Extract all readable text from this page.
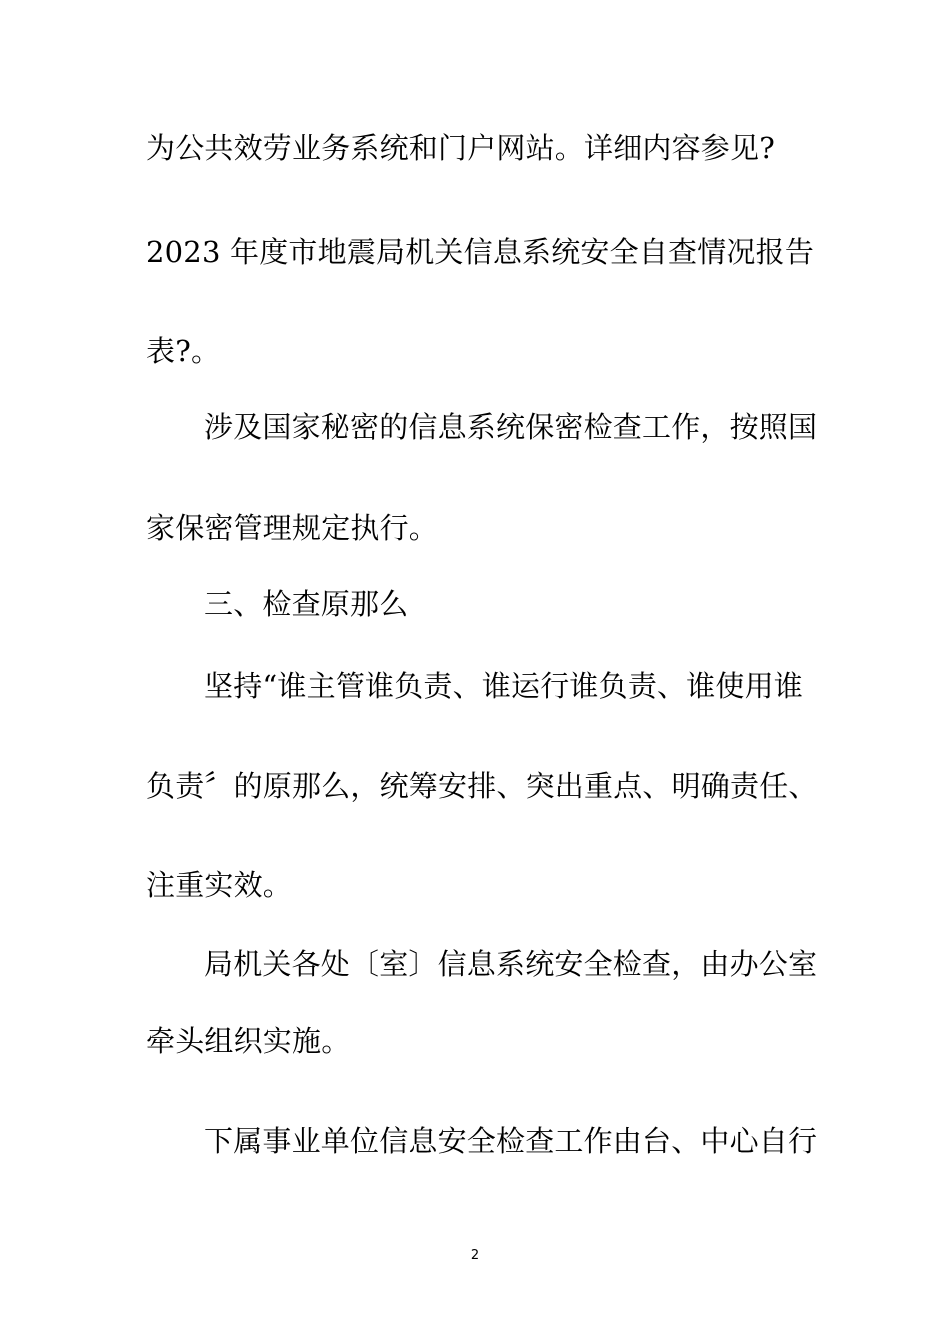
为公共效劳业务系统和门户网站。详细内容参见?
2023 年度市地震局机关信息系统安全自查情况报告
表?。
涉及国家秘密的信息系统保密检查工作，按照国
家保密管理规定执行。
三、检查原那么
坚持“谁主管谁负责、谁运行谁负责、谁使用谁
负责〞的原那么，统筹安排、突出重点、明确责任、
注重实效。
局机关各处〔室〕信息系统安全检查，由办公室
牵头组织实施。
下属事业单位信息安全检查工作由台、中心自行
2
